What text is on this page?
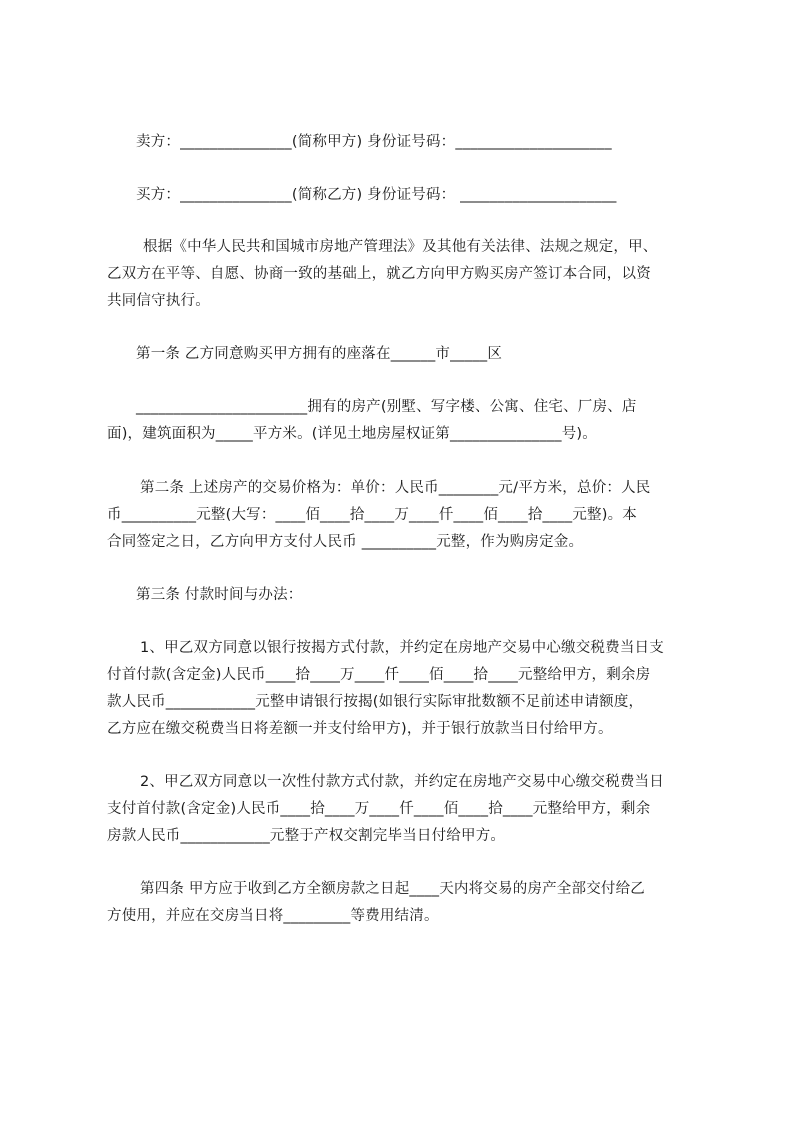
卖方：_______________(简称甲方) 身份证号码：_____________________
买方：_______________(简称乙方) 身份证号码： _____________________
根据《中华人民共和国城市房地产管理法》及其他有关法律、法规之规定，甲、
乙双方在平等、自愿、协商一致的基础上，就乙方向甲方购买房产签订本合同，以资
共同信守执行。
第一条 乙方同意购买甲方拥有的座落在______市_____区
_______________________拥有的房产(别墅、写字楼、公寓、住宅、厂房、店
面)，建筑面积为_____平方米。(详见土地房屋权证第_______________号)。
第二条 上述房产的交易价格为：单价：人民币________元/平方米，总价：人民
币__________元整(大写：____佰____拾____万____仟____佰____拾____元整)。本
合同签定之日，乙方向甲方支付人民币 __________元整，作为购房定金。
第三条 付款时间与办法：
1、甲乙双方同意以银行按揭方式付款，并约定在房地产交易中心缴交税费当日支
付首付款(含定金)人民币____拾____万____仟____佰____拾____元整给甲方，剩余房
款人民币____________元整申请银行按揭(如银行实际审批数额不足前述申请额度，
乙方应在缴交税费当日将差额一并支付给甲方)，并于银行放款当日付给甲方。
2、甲乙双方同意以一次性付款方式付款，并约定在房地产交易中心缴交税费当日
支付首付款(含定金)人民币____拾____万____仟____佰____拾____元整给甲方，剩余
房款人民币____________元整于产权交割完毕当日付给甲方。
第四条 甲方应于收到乙方全额房款之日起____天内将交易的房产全部交付给乙
方使用，并应在交房当日将_________等费用结清。
